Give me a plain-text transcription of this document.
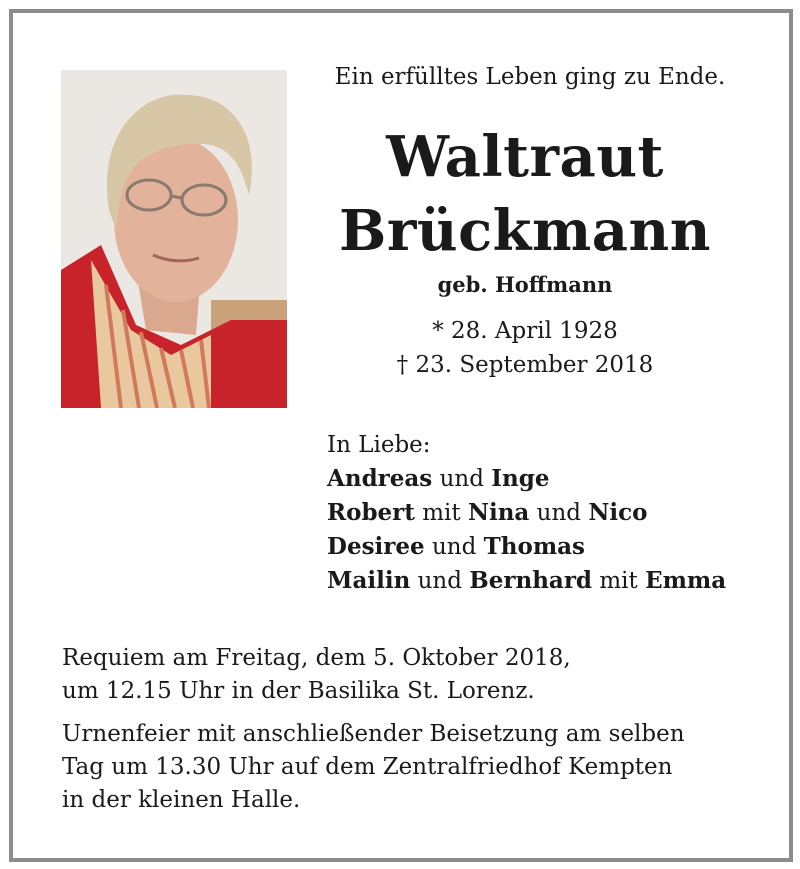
Ein erfülltes Leben ging zu Ende.
Waltraut
Brückmann
geb. Hoffmann
* 28. April 1928
† 23. September 2018
In Liebe:
Andreas und Inge
Robert mit Nina und Nico
Desiree und Thomas
Mailin und Bernhard mit Emma

Requiem am Freitag, dem 5. Oktober 2018,
um 12.15 Uhr in der Basilika St. Lorenz.

Urnenfeier mit anschließender Beisetzung am selben
Tag um 13.30 Uhr auf dem Zentralfriedhof Kempten
in der kleinen Halle.
